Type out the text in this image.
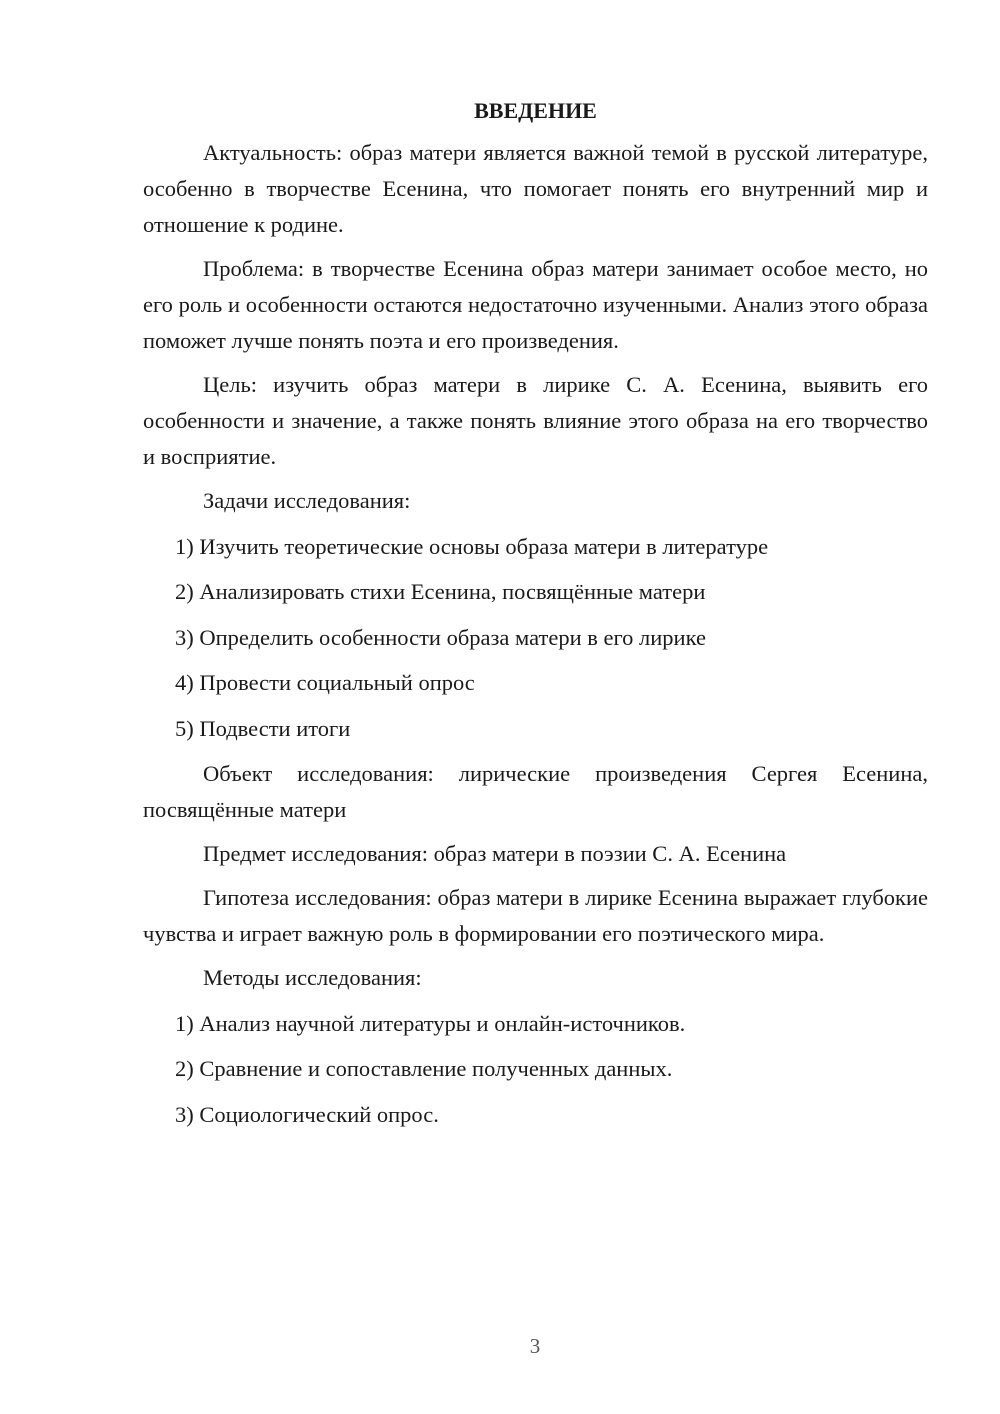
ВВЕДЕНИЕ

Актуальность: образ матери является важной темой в русской литературе, особенно в творчестве Есенина, что помогает понять его внутренний мир и отношение к родине.

Проблема: в творчестве Есенина образ матери занимает особое место, но его роль и особенности остаются недостаточно изученными. Анализ этого образа поможет лучше понять поэта и его произведения.

Цель: изучить образ матери в лирике С. А. Есенина, выявить его особенности и значение, а также понять влияние этого образа на его творчество и восприятие.

Задачи исследования:
1) Изучить теоретические основы образа матери в литературе
2) Анализировать стихи Есенина, посвящённые матери
3) Определить особенности образа матери в его лирике
4) Провести социальный опрос
5) Подвести итоги

Объект исследования: лирические произведения Сергея Есенина, посвящённые матери

Предмет исследования: образ матери в поэзии С. А. Есенина

Гипотеза исследования: образ матери в лирике Есенина выражает глубокие чувства и играет важную роль в формировании его поэтического мира.

Методы исследования:
1) Анализ научной литературы и онлайн-источников.
2) Сравнение и сопоставление полученных данных.
3) Социологический опрос.
3
